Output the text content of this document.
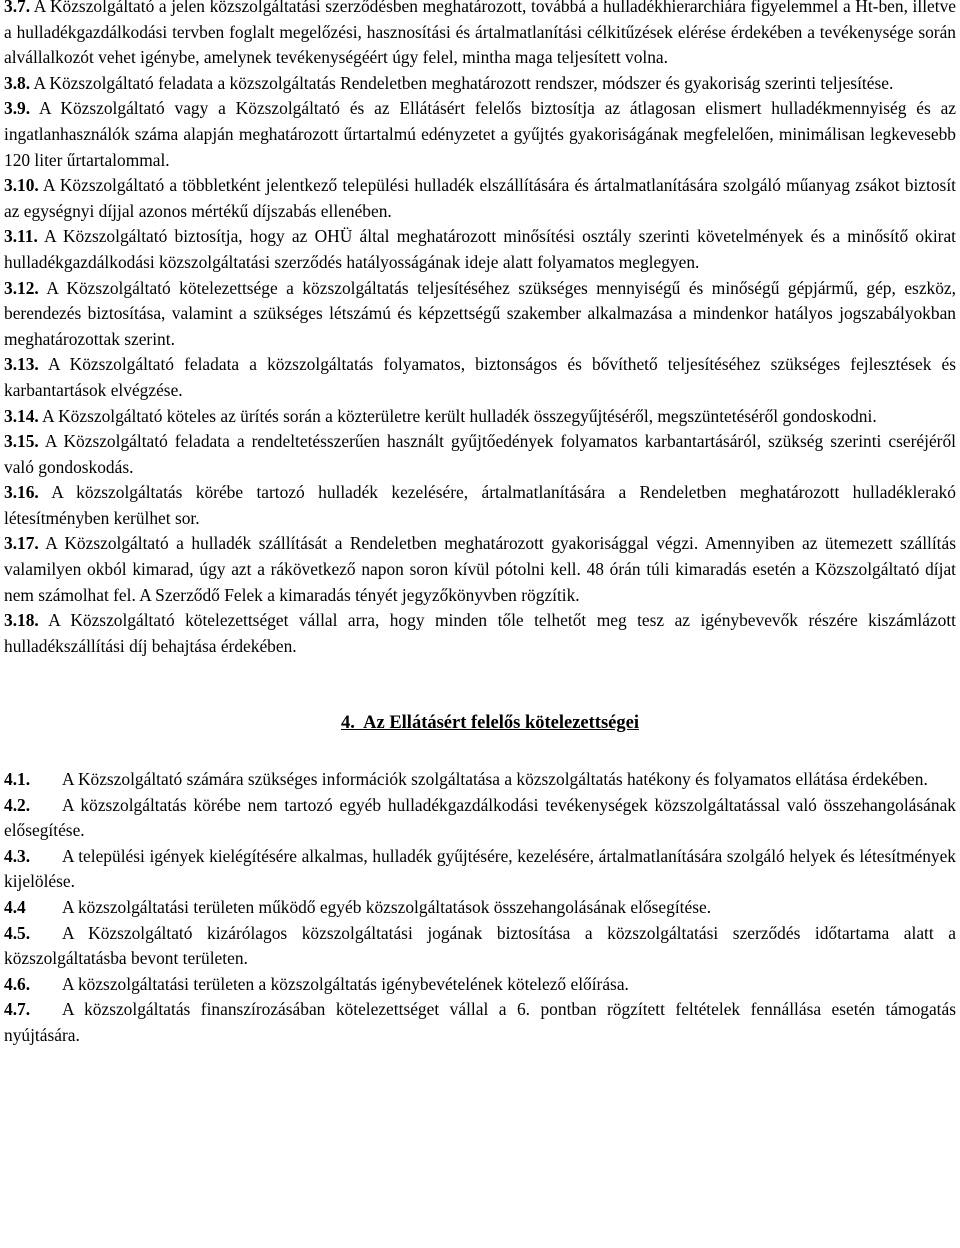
3.7. A Közszolgáltató a jelen közszolgáltatási szerződésben meghatározott, továbbá a hulladékhierarchiára figyelemmel a Ht-ben, illetve a hulladékgazdálkodási tervben foglalt megelőzési, hasznosítási és ártalmatlanítási célkitűzések elérése érdekében a tevékenysége során alvállalkozót vehet igénybe, amelynek tevékenységéért úgy felel, mintha maga teljesített volna.

3.8. A Közszolgáltató feladata a közszolgáltatás Rendeletben meghatározott rendszer, módszer és gyakoriság szerinti teljesítése.

3.9. A Közszolgáltató vagy a Közszolgáltató és az Ellátásért felelős biztosítja az átlagosan elismert hulladékmennyiség és az ingatlanhasználók száma alapján meghatározott űrtartalmú edényzetet a gyűjtés gyakoriságának megfelelően, minimálisan legkevesebb 120 liter űrtartalommal.

3.10. A Közszolgáltató a többletként jelentkező települési hulladék elszállítására és ártalmatlanítására szolgáló műanyag zsákot biztosít az egységnyi díjjal azonos mértékű díjszabás ellenében.

3.11. A Közszolgáltató biztosítja, hogy az OHÜ által meghatározott minősítési osztály szerinti követelmények és a minősítő okirat hulladékgazdálkodási közszolgáltatási szerződés hatályosságának ideje alatt folyamatos meglegyen.

3.12. A Közszolgáltató kötelezettsége a közszolgáltatás teljesítéséhez szükséges mennyiségű és minőségű gépjármű, gép, eszköz, berendezés biztosítása, valamint a szükséges létszámú és képzettségű szakember alkalmazása a mindenkor hatályos jogszabályokban meghatározottak szerint.

3.13. A Közszolgáltató feladata a közszolgáltatás folyamatos, biztonságos és bővíthető teljesítéséhez szükséges fejlesztések és karbantartások elvégzése.

3.14. A Közszolgáltató köteles az ürítés során a közterületre került hulladék összegyűjtéséről, megszüntetéséről gondoskodni.

3.15. A Közszolgáltató feladata a rendeltetésszerűen használt gyűjtőedények folyamatos karbantartásáról, szükség szerinti cseréjéről való gondoskodás.

3.16. A közszolgáltatás körébe tartozó hulladék kezelésére, ártalmatlanítására a Rendeletben meghatározott hulladéklerakó létesítményben kerülhet sor.

3.17. A Közszolgáltató a hulladék szállítását a Rendeletben meghatározott gyakorisággal végzi. Amennyiben az ütemezett szállítás valamilyen okból kimarad, úgy azt a rákövetkező napon soron kívül pótolni kell. 48 órán túli kimaradás esetén a Közszolgáltató díjat nem számolhat fel. A Szerződő Felek a kimaradás tényét jegyzőkönyvben rögzítik.

3.18. A Közszolgáltató kötelezettséget vállal arra, hogy minden tőle telhetőt meg tesz az igénybevevők részére kiszámlázott hulladékszállítási díj behajtása érdekében.

4. Az Ellátásért felelős kötelezettségei

4.1. A Közszolgáltató számára szükséges információk szolgáltatása a közszolgáltatás hatékony és folyamatos ellátása érdekében.

4.2. A közszolgáltatás körébe nem tartozó egyéb hulladékgazdálkodási tevékenységek közszolgáltatással való összehangolásának elősegítése.

4.3. A települési igények kielégítésére alkalmas, hulladék gyűjtésére, kezelésére, ártalmatlanítására szolgáló helyek és létesítmények kijelölése.

4.4 A közszolgáltatási területen működő egyéb közszolgáltatások összehangolásának elősegítése.

4.5. A Közszolgáltató kizárólagos közszolgáltatási jogának biztosítása a közszolgáltatási szerződés időtartama alatt a közszolgáltatásba bevont területen.

4.6. A közszolgáltatási területen a közszolgáltatás igénybevételének kötelező előírása.

4.7. A közszolgáltatás finanszírozásában kötelezettséget vállal a 6. pontban rögzített feltételek fennállása esetén támogatás nyújtására.
